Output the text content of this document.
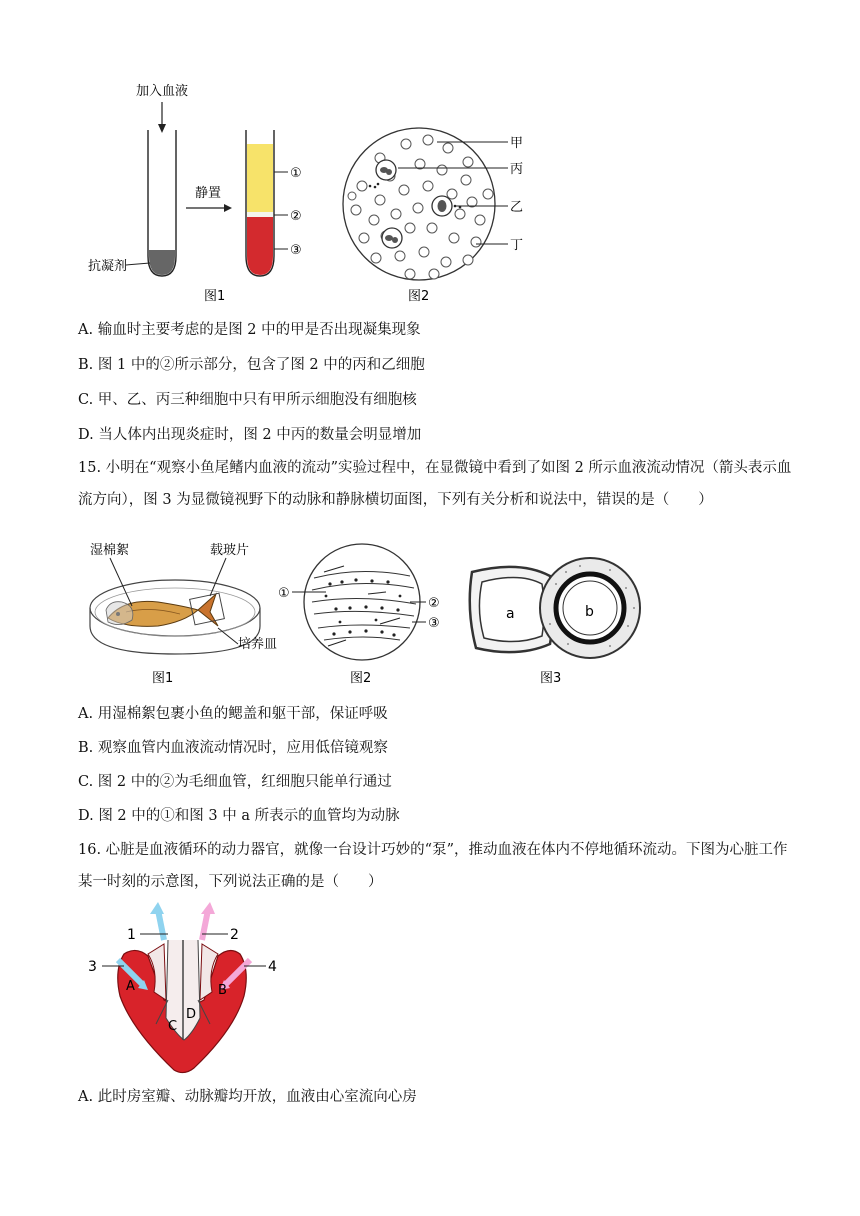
加入血液
抗凝剂
静置
①
②
③
图1
甲
丙
乙
丁
图2
A. 输血时主要考虑的是图 2 中的甲是否出现凝集现象
B. 图 1 中的②所示部分，包含了图 2 中的丙和乙细胞
C. 甲、乙、丙三种细胞中只有甲所示细胞没有细胞核
D. 当人体内出现炎症时，图 2 中丙的数量会明显增加
15. 小明在“观察小鱼尾鳍内血液的流动”实验过程中，在显微镜中看到了如图 2 所示血液流动情况（箭头表示血流方向），图 3 为显微镜视野下的动脉和静脉横切面图，下列有关分析和说法中，错误的是（　　）
湿棉絮	载玻片
培养皿
图1
①
②
③
图2
a	b
图3
A. 用湿棉絮包裹小鱼的鳃盖和躯干部，保证呼吸
B. 观察血管内血液流动情况时，应用低倍镜观察
C. 图 2 中的②为毛细血管，红细胞只能单行通过
D. 图 2 中的①和图 3 中 a 所表示的血管均为动脉
16. 心脏是血液循环的动力器官，就像一台设计巧妙的“泵”，推动血液在体内不停地循环流动。下图为心脏工作某一时刻的示意图，下列说法正确的是（　　）
1	2
3	4
A	B
C
D
A. 此时房室瓣、动脉瓣均开放，血液由心室流向心房
